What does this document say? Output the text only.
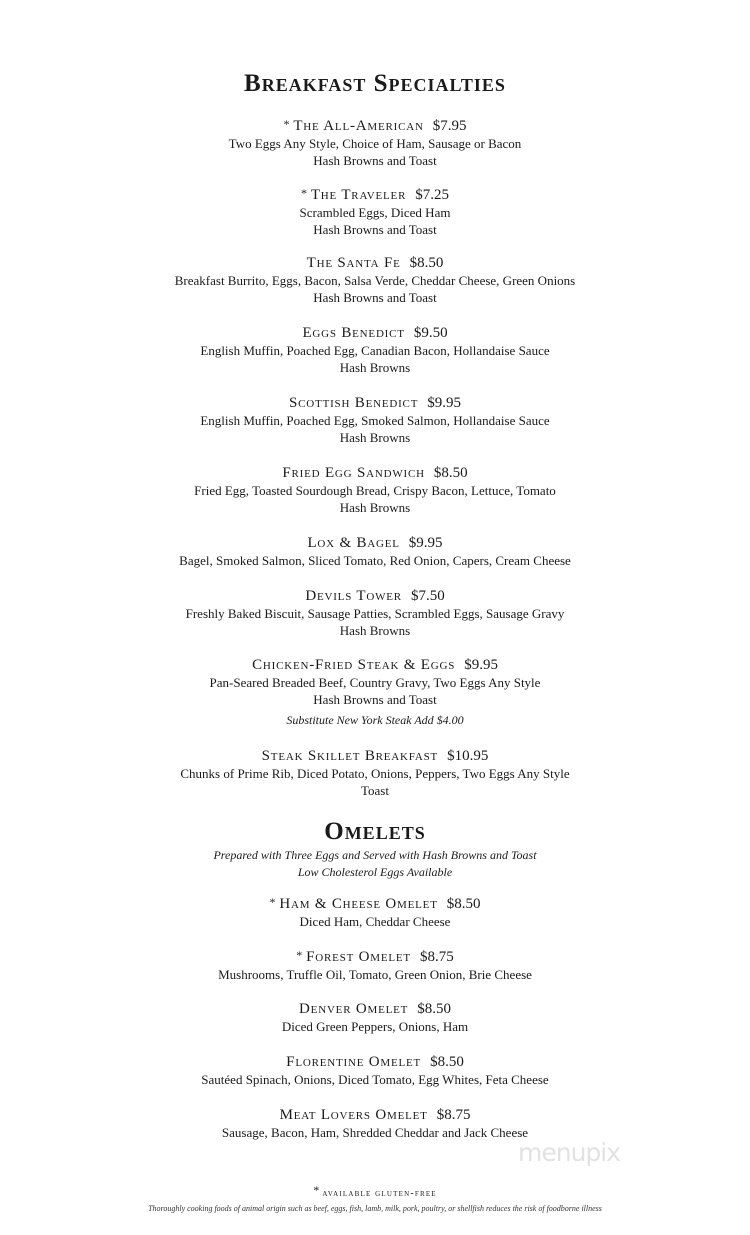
Breakfast Specialties
* The All-American $7.95
Two Eggs Any Style, Choice of Ham, Sausage or Bacon
Hash Browns and Toast
* The Traveler $7.25
Scrambled Eggs, Diced Ham
Hash Browns and Toast
The Santa Fe $8.50
Breakfast Burrito, Eggs, Bacon, Salsa Verde, Cheddar Cheese, Green Onions
Hash Browns and Toast
Eggs Benedict $9.50
English Muffin, Poached Egg, Canadian Bacon, Hollandaise Sauce
Hash Browns
Scottish Benedict $9.95
English Muffin, Poached Egg, Smoked Salmon, Hollandaise Sauce
Hash Browns
Fried Egg Sandwich $8.50
Fried Egg, Toasted Sourdough Bread, Crispy Bacon, Lettuce, Tomato
Hash Browns
Lox & Bagel $9.95
Bagel, Smoked Salmon, Sliced Tomato, Red Onion, Capers, Cream Cheese
Devils Tower $7.50
Freshly Baked Biscuit, Sausage Patties, Scrambled Eggs, Sausage Gravy
Hash Browns
Chicken-Fried Steak & Eggs $9.95
Pan-Seared Breaded Beef, Country Gravy, Two Eggs Any Style
Hash Browns and Toast
Substitute New York Steak Add $4.00
Steak Skillet Breakfast $10.95
Chunks of Prime Rib, Diced Potato, Onions, Peppers, Two Eggs Any Style
Toast
Omelets
Prepared with Three Eggs and Served with Hash Browns and Toast
Low Cholesterol Eggs Available
* Ham & Cheese Omelet $8.50
Diced Ham, Cheddar Cheese
* Forest Omelet $8.75
Mushrooms, Truffle Oil, Tomato, Green Onion, Brie Cheese
Denver Omelet $8.50
Diced Green Peppers, Onions, Ham
Florentine Omelet $8.50
Sautéed Spinach, Onions, Diced Tomato, Egg Whites, Feta Cheese
Meat Lovers Omelet $8.75
Sausage, Bacon, Ham, Shredded Cheddar and Jack Cheese
menupix
* available gluten-free
Thoroughly cooking foods of animal origin such as beef, eggs, fish, lamb, milk, pork, poultry, or shellfish reduces the risk of foodborne illness
